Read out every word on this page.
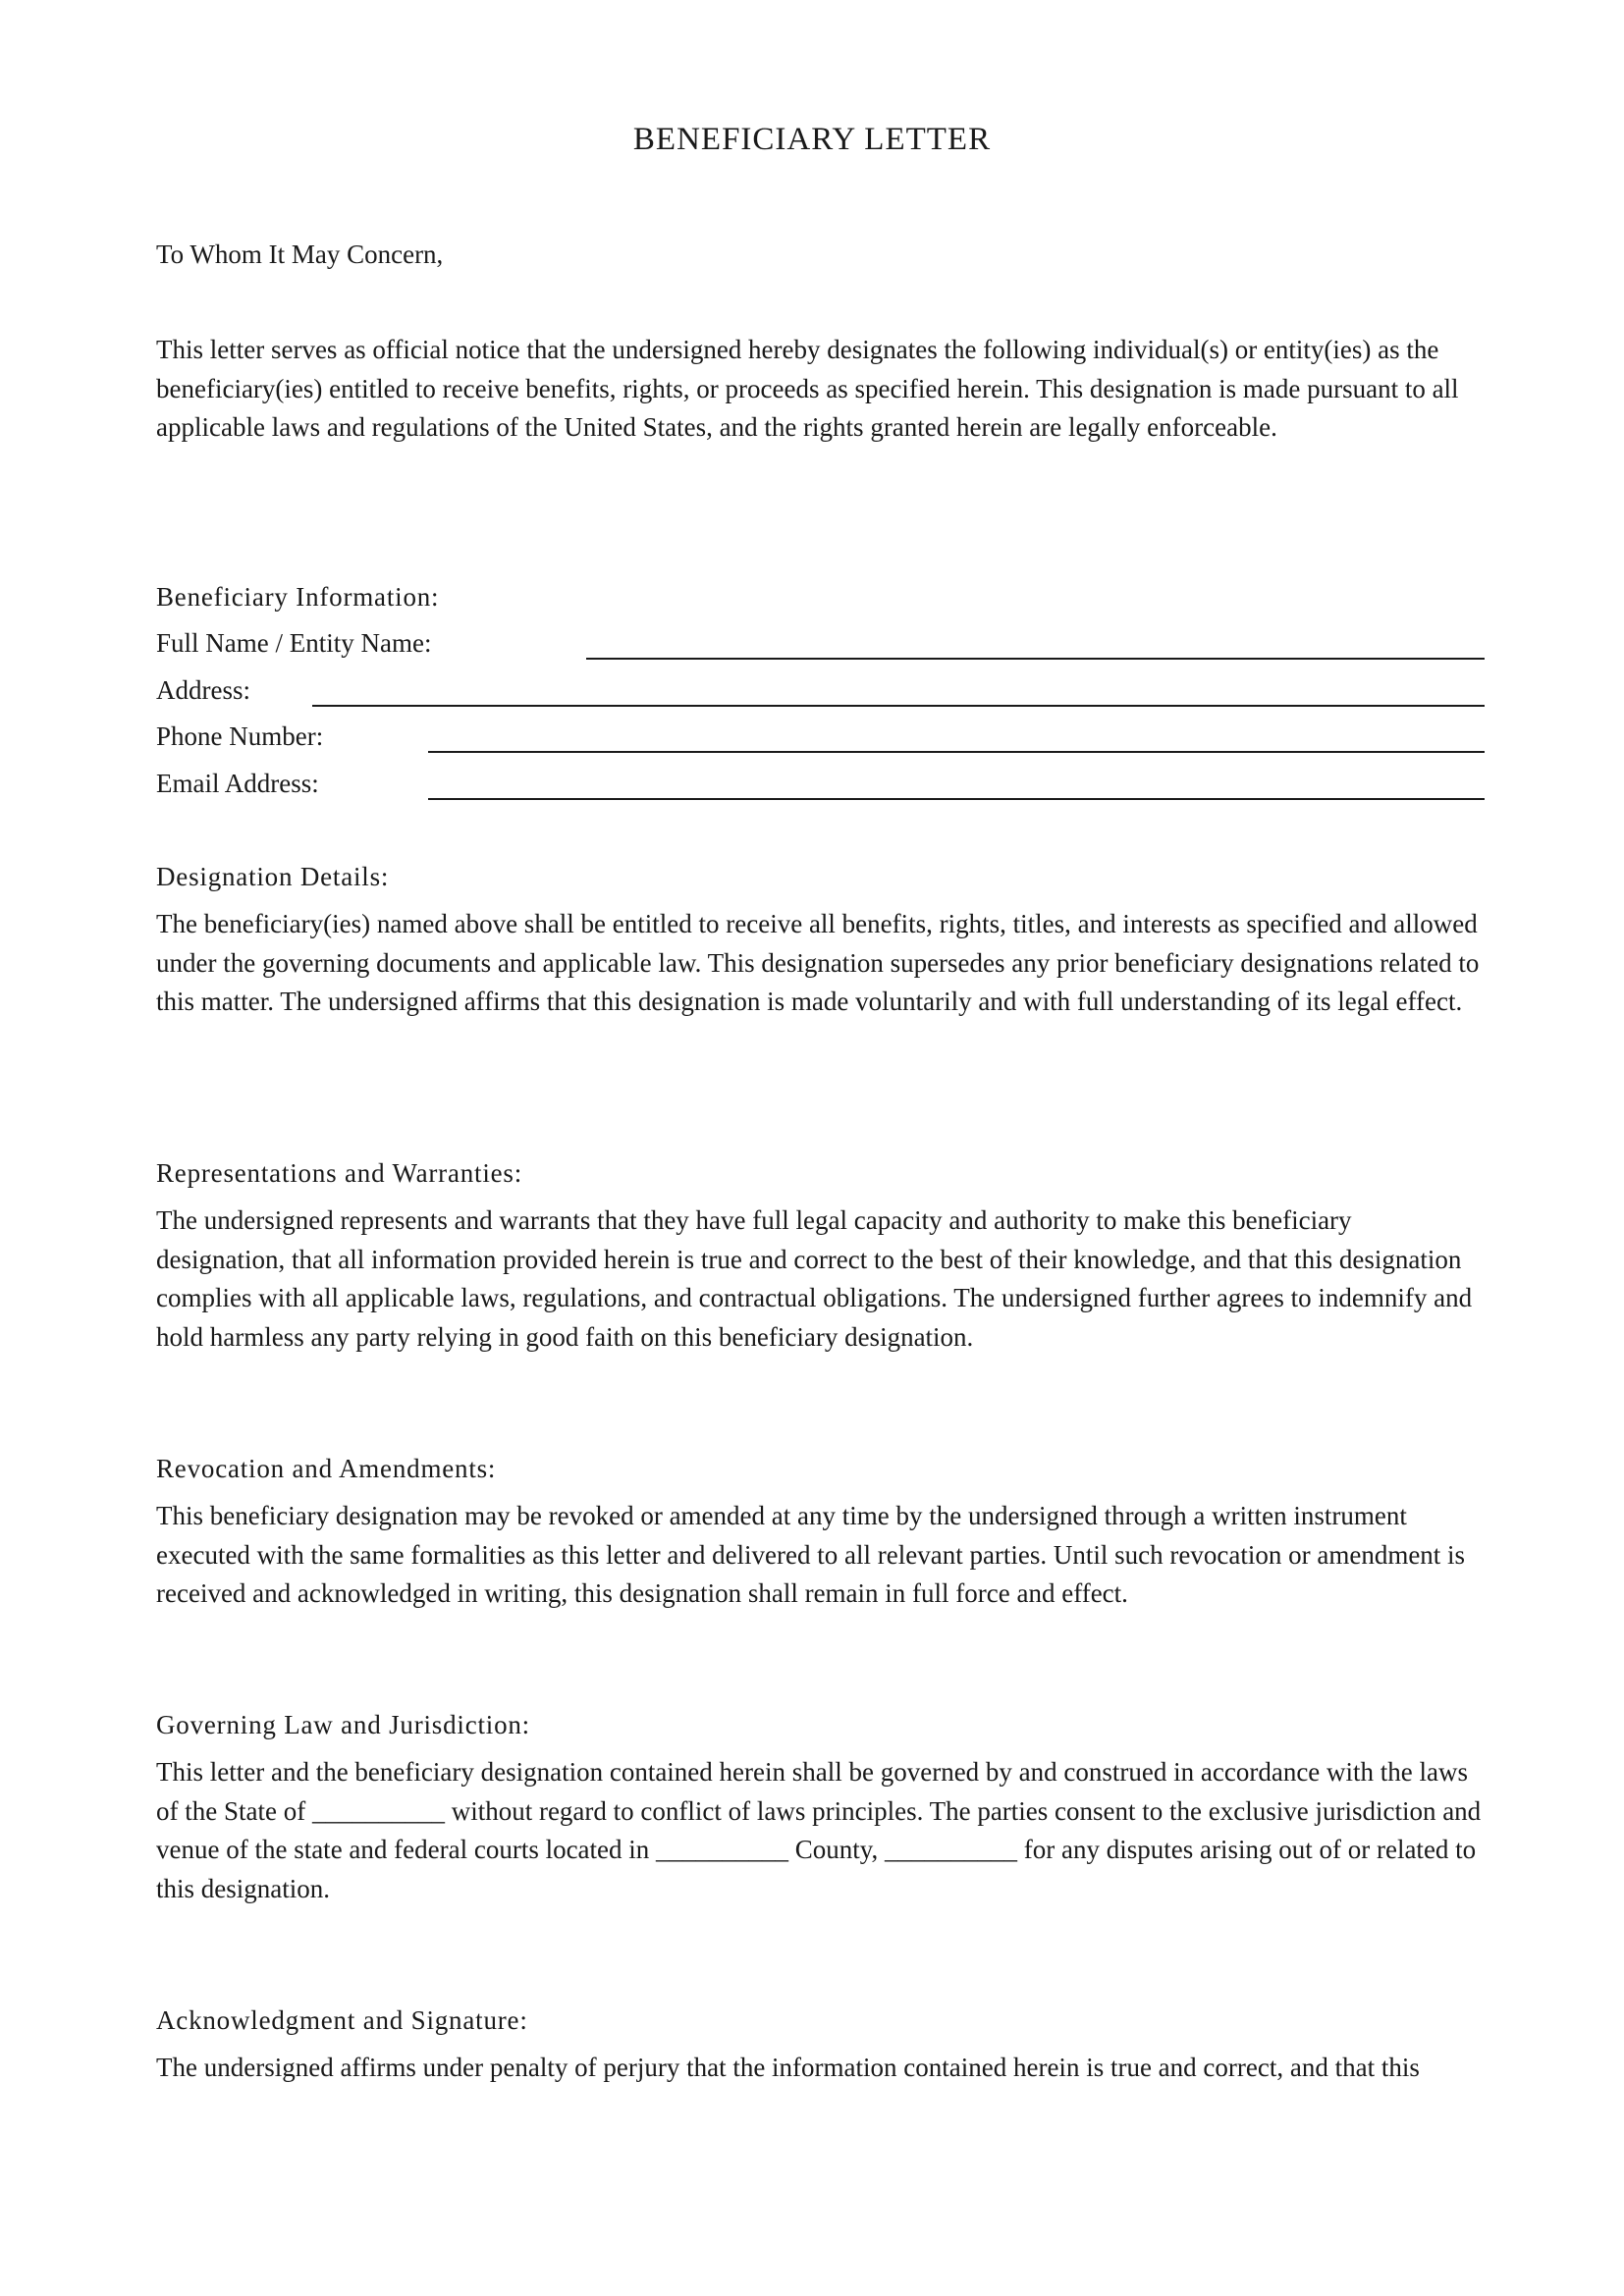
BENEFICIARY LETTER

To Whom It May Concern,

This letter serves as official notice that the undersigned hereby designates the following individual(s) or entity(ies) as the beneficiary(ies) entitled to receive benefits, rights, or proceeds as specified herein. This designation is made pursuant to all applicable laws and regulations of the United States, and the rights granted herein are legally enforceable.

Beneficiary Information:
Full Name / Entity Name:
Address:
Phone Number:
Email Address:
Designation Details:

The beneficiary(ies) named above shall be entitled to receive all benefits, rights, titles, and interests as specified and allowed under the governing documents and applicable law. This designation supersedes any prior beneficiary designations related to this matter. The undersigned affirms that this designation is made voluntarily and with full understanding of its legal effect.

Representations and Warranties:

The undersigned represents and warrants that they have full legal capacity and authority to make this beneficiary designation, that all information provided herein is true and correct to the best of their knowledge, and that this designation complies with all applicable laws, regulations, and contractual obligations. The undersigned further agrees to indemnify and hold harmless any party relying in good faith on this beneficiary designation.

Revocation and Amendments:

This beneficiary designation may be revoked or amended at any time by the undersigned through a written instrument executed with the same formalities as this letter and delivered to all relevant parties. Until such revocation or amendment is received and acknowledged in writing, this designation shall remain in full force and effect.

Governing Law and Jurisdiction:

This letter and the beneficiary designation contained herein shall be governed by and construed in accordance with the laws of the State of __________ without regard to conflict of laws principles. The parties consent to the exclusive jurisdiction and venue of the state and federal courts located in __________ County, __________ for any disputes arising out of or related to this designation.

Acknowledgment and Signature:

The undersigned affirms under penalty of perjury that the information contained herein is true and correct, and that this
